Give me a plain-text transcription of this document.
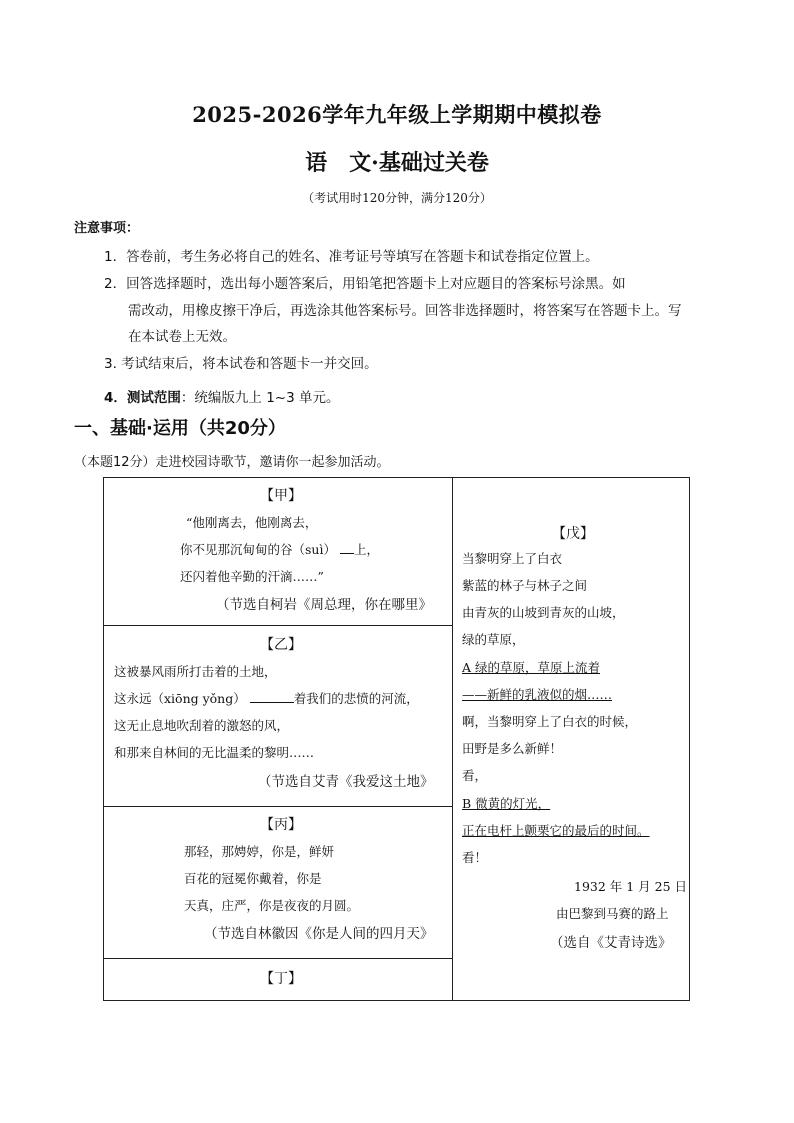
2025-2026学年九年级上学期期中模拟卷
语　文·基础过关卷
（考试用时120分钟，满分120分）
注意事项：
1．答卷前，考生务必将自己的姓名、准考证号等填写在答题卡和试卷指定位置上。
2．回答选择题时，选出每小题答案后，用铅笔把答题卡上对应题目的答案标号涂黑。如
需改动，用橡皮擦干净后，再选涂其他答案标号。回答非选择题时，将答案写在答题卡上。写
在本试卷上无效。
3. 考试结束后，将本试卷和答题卡一并交回。
4．测试范围：统编版九上 1~3 单元。
一、基础·运用（共20分）
（本题12分）走进校园诗歌节，邀请你一起参加活动。
【甲】
“他刚离去，他刚离去，
你不见那沉甸甸的谷（suì） 上，
还闪着他辛勤的汗滴……”
（节选自柯岩《周总理，你在哪里》
【乙】
这被暴风雨所打击着的土地，
这永远（xiōng yǒng）	着我们的悲愤的河流，
这无止息地吹刮着的激怒的风，
和那来自林间的无比温柔的黎明……
（节选自艾青《我爱这土地》
【丙】
那轻，那娉婷，你是，鲜妍
百花的冠冕你戴着，你是
天真，庄严，你是夜夜的月圆。
（节选自林徽因《你是人间的四月天》
【丁】
【戊】
当黎明穿上了白衣
紫蓝的林子与林子之间
由青灰的山坡到青灰的山坡，
绿的草原，
A 绿的草原，草原上流着
——新鲜的乳液似的烟……
啊，当黎明穿上了白衣的时候，
田野是多么新鲜！
看，
B 微黄的灯光，
正在电杆上颤栗它的最后的时间。
看！
1932 年 1 月 25 日
由巴黎到马赛的路上
（选自《艾青诗选》
